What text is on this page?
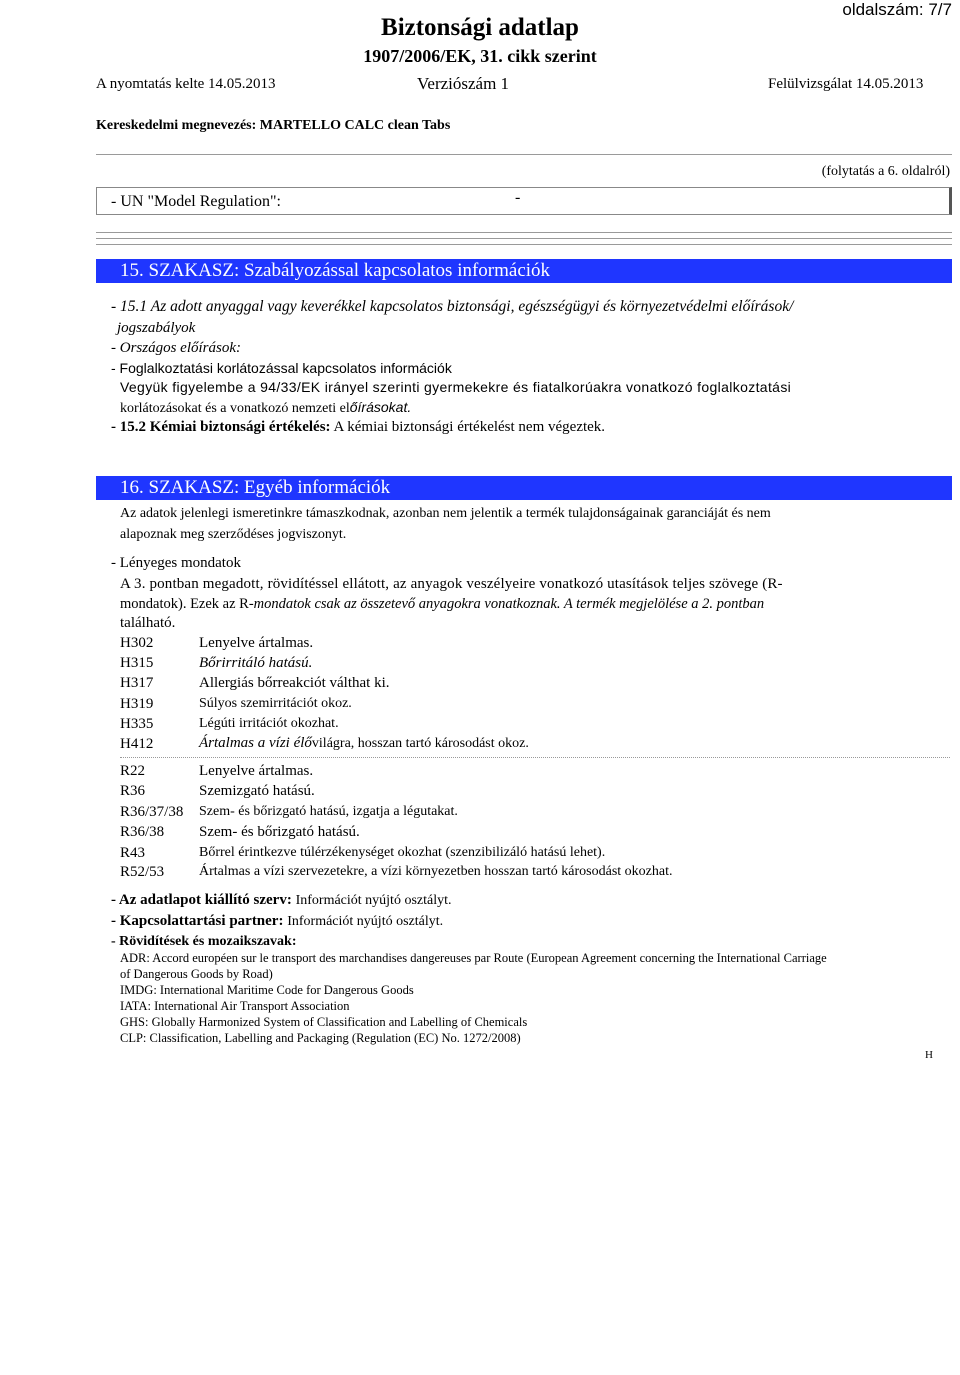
oldalszám: 7/7
Biztonsági adatlap
1907/2006/EK, 31. cikk szerint
A nyomtatás kelte 14.05.2013	Verziószám 1	Felülvizsgálat 14.05.2013
Kereskedelmi megnevezés: MARTELLO CALC clean Tabs
(folytatás a 6. oldalról)
- UN "Model Regulation":	-
15. SZAKASZ: Szabályozással kapcsolatos információk
- 15.1 Az adott anyaggal vagy keverékkel kapcsolatos biztonsági, egészségügyi és környezetvédelmi előírások/
jogszabályok
- Országos előírások:
- Foglalkoztatási korlátozással kapcsolatos információk
Vegyük figyelembe a 94/33/EK irányel szerinti gyermekekre és fiatalkorúakra vonatkozó foglalkoztatási
korlátozásokat és a vonatkozó nemzeti előírásokat.
- 15.2 Kémiai biztonsági értékelés: A kémiai biztonsági értékelést nem végeztek.
16. SZAKASZ: Egyéb információk
Az adatok jelenlegi ismeretinkre támaszkodnak, azonban nem jelentik a termék tulajdonságainak garanciáját és nem
alapoznak meg szerződéses jogviszonyt.
- Lényeges mondatok
A 3. pontban megadott, rövidítéssel ellátott, az anyagok veszélyeire vonatkozó utasítások teljes szövege (R-
mondatok). Ezek az R-mondatok csak az összetevő anyagokra vonatkoznak. A termék megjelölése a 2. pontban
található.
H302	Lenyelve ártalmas.
H315	Bőrirritáló hatású.
H317	Allergiás bőrreakciót válthat ki.
H319	Súlyos szemirritációt okoz.
H335	Légúti irritációt okozhat.
H412	Ártalmas a vízi élővilágra, hosszan tartó károsodást okoz.
R22	Lenyelve ártalmas.
R36	Szemizgató hatású.
R36/37/38 Szem- és bőrizgató hatású, izgatja a légutakat.
R36/38 Szem- és bőrizgató hatású.
R43	Bőrrel érintkezve túlérzékenységet okozhat (szenzibilizáló hatású lehet).
R52/53 Ártalmas a vízi szervezetekre, a vízi környezetben hosszan tartó károsodást okozhat.
- Az adatlapot kiállító szerv: Információt nyújtó osztályt.
- Kapcsolattartási partner: Információt nyújtó osztályt.
- Rövidítések és mozaikszavak:
ADR: Accord européen sur le transport des marchandises dangereuses par Route (European Agreement concerning the International Carriage
of Dangerous Goods by Road)
IMDG: International Maritime Code for Dangerous Goods
IATA: International Air Transport Association
GHS: Globally Harmonized System of Classification and Labelling of Chemicals
CLP: Classification, Labelling and Packaging (Regulation (EC) No. 1272/2008)
H
